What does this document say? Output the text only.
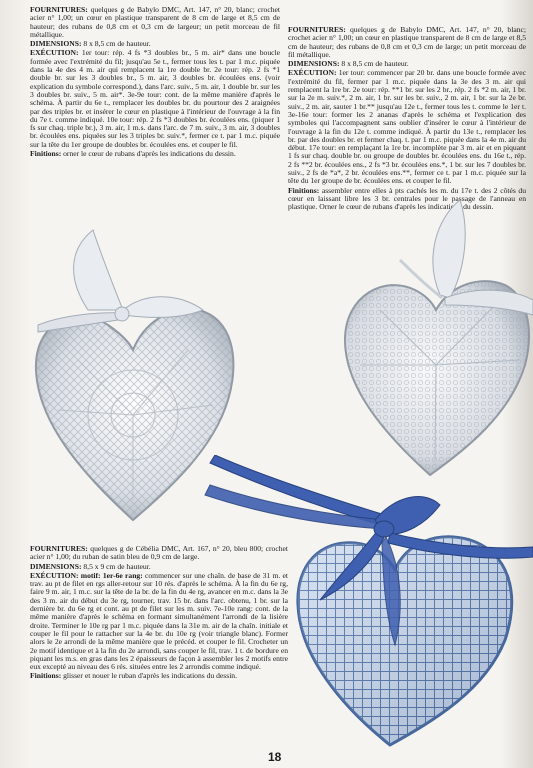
FOURNITURES: quelques g de Babylo DMC, Art. 147, n° 20, blanc; crochet acier n° 1,00; un cœur en plastique transparent de 8 cm de large et 8,5 cm de hauteur; des rubans de 0,8 cm et 0,3 cm de largeur; un petit morceau de fil métallique.

DIMENSIONS: 8 x 8,5 cm de hauteur.

EXÉCUTION: 1er tour: rép. 4 fs *3 doubles br., 5 m. air* dans une boucle formée avec l'extrémité du fil; jusqu'au 5e t., fermer tous les t. par 1 m.c. piquée dans la 4e des 4 m. air qui remplacent la 1re double br. 2e tour: rép. 2 fs *1 double br. sur les 3 doubles br., 5 m. air, 3 doubles br. écoulées ens. (voir explication du symbole correspond.), dans l'arc. suiv., 5 m. air, 1 double br. sur les 3 doubles br. suiv., 5 m. air*. 3e-9e tour: cont. de la même manière d'après le schéma. À partir du 6e t., remplacer les doubles br. du pourtour des 2 araignées par des triples br. et insérer le cœur en plastique à l'intérieur de l'ouvrage à la fin du 7e t. comme indiqué. 10e tour: rép. 2 fs *3 doubles br. écoulées ens. (piquer 1 fs sur chaq. triple br.), 3 m. air, 1 m.s. dans l'arc. de 7 m. suiv., 3 m. air, 3 doubles br. écoulées ens. piquées sur les 3 triples br. suiv.*, fermer ce t. par 1 m.c. piquée sur la tête du 1er groupe de doubles br. écoulées ens. et couper le fil.

Finitions: orner le cœur de rubans d'après les indications du dessin.

FOURNITURES: quelques g de Babylo DMC, Art. 147, n° 20, blanc; crochet acier n° 1,00; un cœur en plastique transparent de 8 cm de large et 8,5 cm de hauteur; des rubans de 0,8 cm et 0,3 cm de large; un petit morceau de fil métallique.

DIMENSIONS: 8 x 8,5 cm de hauteur.

EXÉCUTION: 1er tour: commencer par 20 br. dans une boucle formée avec l'extrémité du fil, fermer par 1 m.c. piquée dans la 3e des 3 m. air qui remplacent la 1re br. 2e tour: rép. **1 br. sur les 2 br., rép. 2 fs *2 m. air, 1 br. sur la 2e m. suiv.*, 2 m. air, 1 br. sur les br. suiv., 2 m. air, 1 br. sur la 2e br. suiv., 2 m. air, sauter 1 br.** jusqu'au 12e t., fermer tous les t. comme le 1er t. 3e-16e tour: former les 2 ananas d'après le schéma et l'explication des symboles qui l'accompagnent sans oublier d'insérer le cœur à l'intérieur de l'ouvrage à la fin du 12e t. comme indiqué. À partir du 13e t., remplacer les br. par des doubles br. et fermer chaq. t. par 1 m.c. piquée dans la 4e m. air du début. 17e tour: en remplaçant la 1re br. incomplète par 3 m. air et en piquant 1 fs sur chaq. double br. ou groupe de doubles br. écoulées ens. du 16e t., rép. 2 fs **2 br. écoulées ens., 2 fs *3 br. écoulées ens.*, 1 br. sur les 7 doubles br. suiv., 2 fs de *a*, 2 br. écoulées ens.**, fermer ce t. par 1 m.c. piquée sur la tête du 1er groupe de br. écoulées ens. et couper le fil.

Finitions: assembler entre elles à pts cachés les m. du 17e t. des 2 côtés du cœur en laissant libre les 3 br. centrales pour le passage de l'anneau en plastique. Orner le cœur de rubans d'après les indications du dessin.

FOURNITURES: quelques g de Cébélia DMC, Art. 167, n° 20, bleu 800; crochet acier n° 1,00; du ruban de satin bleu de 0,9 cm de large.

DIMENSIONS: 8,5 x 9 cm de hauteur.

EXÉCUTION: motif: 1er-6e rang: commencer sur une chaîn. de base de 31 m. et trav. au pt de filet en rgs aller-retour sur 10 rés. d'après le schéma. À la fin du 6e rg, faire 9 m. air, 1 m.c. sur la tête de la br. de la fin du 4e rg, avancer en m.c. dans la 3e des 3 m. air du début du 3e rg, tourner, trav. 15 br. dans l'arc. obtenu, 1 br. sur la dernière br. du 6e rg et cont. au pt de filet sur les m. suiv. 7e-10e rang: cont. de la même manière d'après le schéma en formant simultanément l'arrondi de la lisière droite. Terminer le 10e rg par 1 m.c. piquée dans la 31e m. air de la chaîn. initiale et couper le fil pour le rattacher sur la 4e br. du 10e rg (voir triangle blanc). Former alors le 2e arrondi de la même manière que le précéd. et couper le fil. Crocheter un 2e motif identique et à la fin du 2e arrondi, sans couper le fil, trav. 1 t. de bordure en piquant les m.s. en gras dans les 2 épaisseurs de façon à assembler les 2 motifs entre eux excepté au niveau des 6 rés. situées entre les 2 arrondis comme indiqué.

Finitions: glisser et nouer le ruban d'après les indications du dessin.

18
